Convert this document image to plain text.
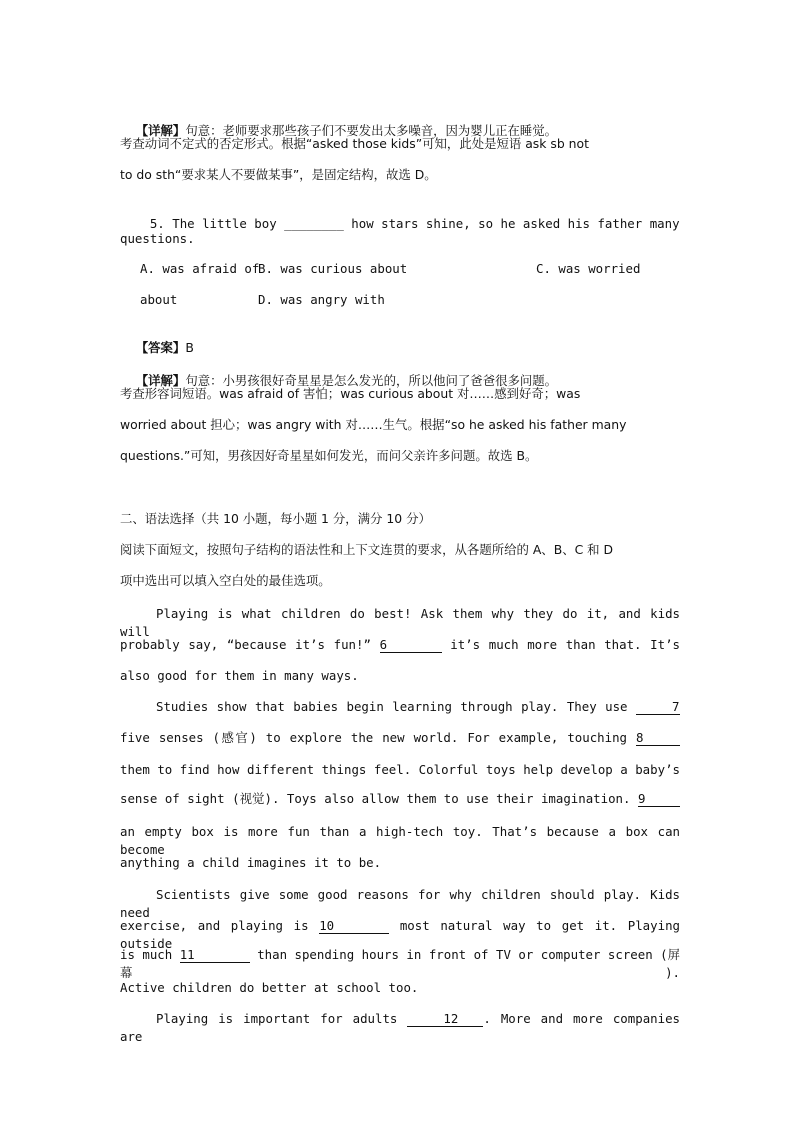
【详解】句意：老师要求那些孩子们不要发出太多噪音，因为婴儿正在睡觉。

考查动词不定式的否定形式。根据“asked those kids”可知，此处是短语 ask sb not
to do sth“要求某人不要做某事”，是固定结构，故选 D。

5. The little boy ________ how stars shine, so he asked his father many

questions.
A. was afraid of
B. was curious about	C. was worried
about	D. was angry with

【答案】B

【详解】句意：小男孩很好奇星星是怎么发光的，所以他问了爸爸很多问题。

考查形容词短语。was afraid of 害怕；was curious about 对……感到好奇；was
worried about 担心；was angry with 对……生气。根据“so he asked his father many
questions.”可知，男孩因好奇星星如何发光，而问父亲许多问题。故选 B。
二、语法选择（共 10 小题，每小题 1 分，满分 10 分）
阅读下面短文，按照句子结构的语法性和上下文连贯的要求，从各题所给的 A、B、C 和 D
项中选出可以填入空白处的最佳选项。
Playing is what children do best! Ask them why they do it, and kids will
probably say, “because it’s fun!” 6	it’s much more than that. It’s
also good for them in many ways.
Studies show that babies begin learning through play. They use	7
five senses (感官) to explore the new world. For example, touching 8
them to find how different things feel. Colorful toys help develop a baby’s
sense of sight (视觉). Toys also allow them to use their imagination. 9
an empty box is more fun than a high-tech toy. That’s because a box can become
anything a child imagines it to be.
Scientists give some good reasons for why children should play. Kids need
exercise, and playing is 10	most natural way to get it. Playing outside
is much 11	than spending hours in front of TV or computer screen (屏幕).
Active children do better at school too.
Playing is important for adults	12 . More and more companies are
